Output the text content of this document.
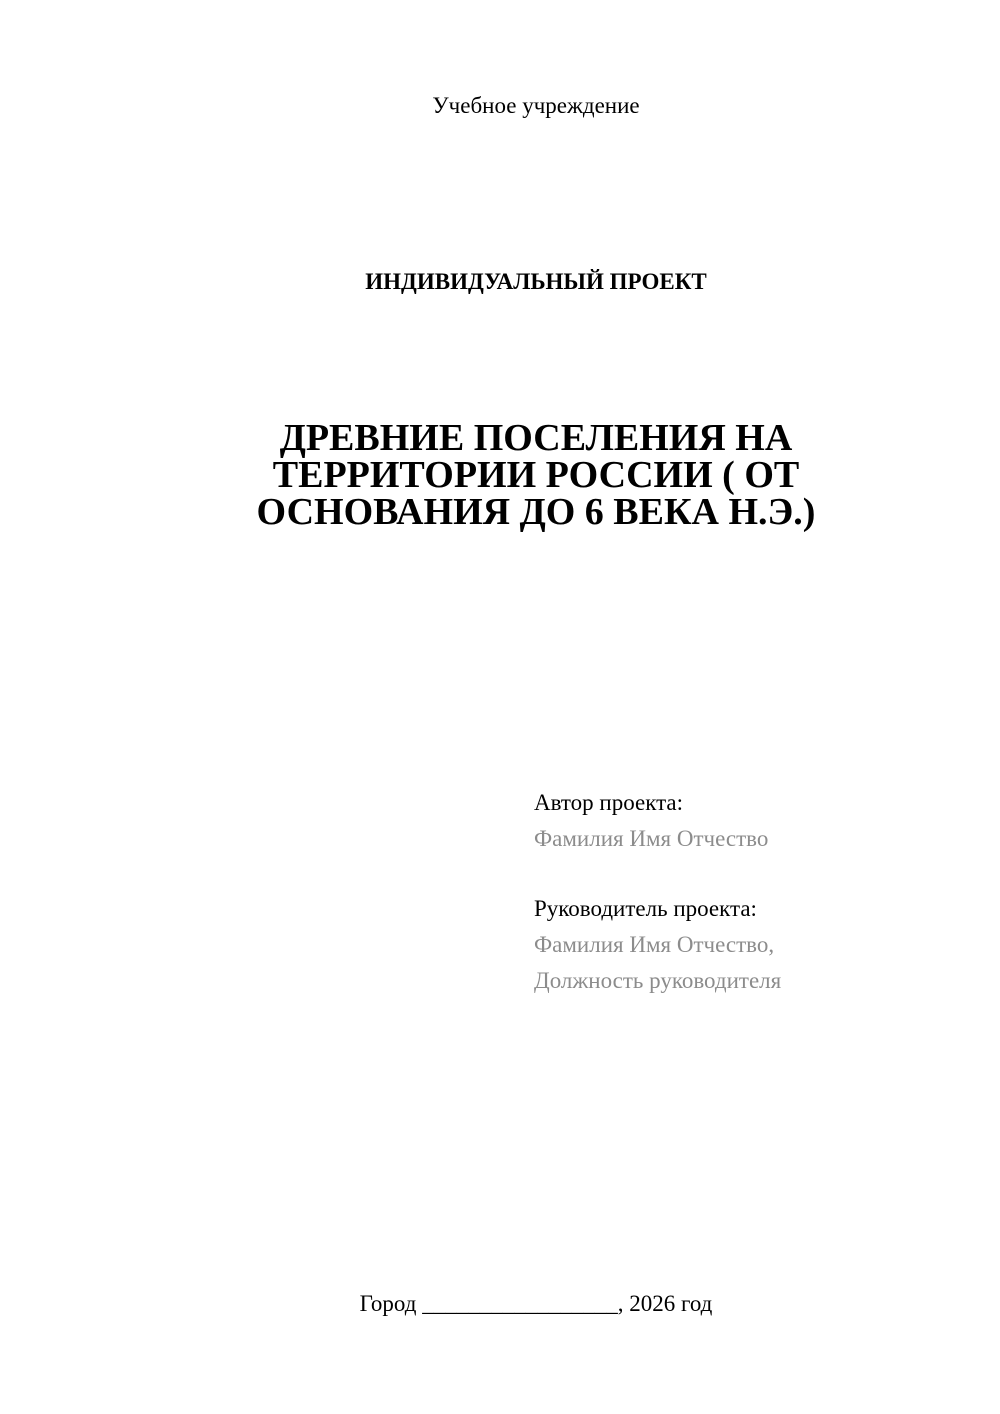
Учебное учреждение
ИНДИВИДУАЛЬНЫЙ ПРОЕКТ
ДРЕВНИЕ ПОСЕЛЕНИЯ НА
ТЕРРИТОРИИ РОССИИ ( ОТ
ОСНОВАНИЯ ДО 6 ВЕКА Н.Э.)
Автор проекта:
Фамилия Имя Отчество
Руководитель проекта:
Фамилия Имя Отчество,
Должность руководителя
Город _________________, 2026 год
